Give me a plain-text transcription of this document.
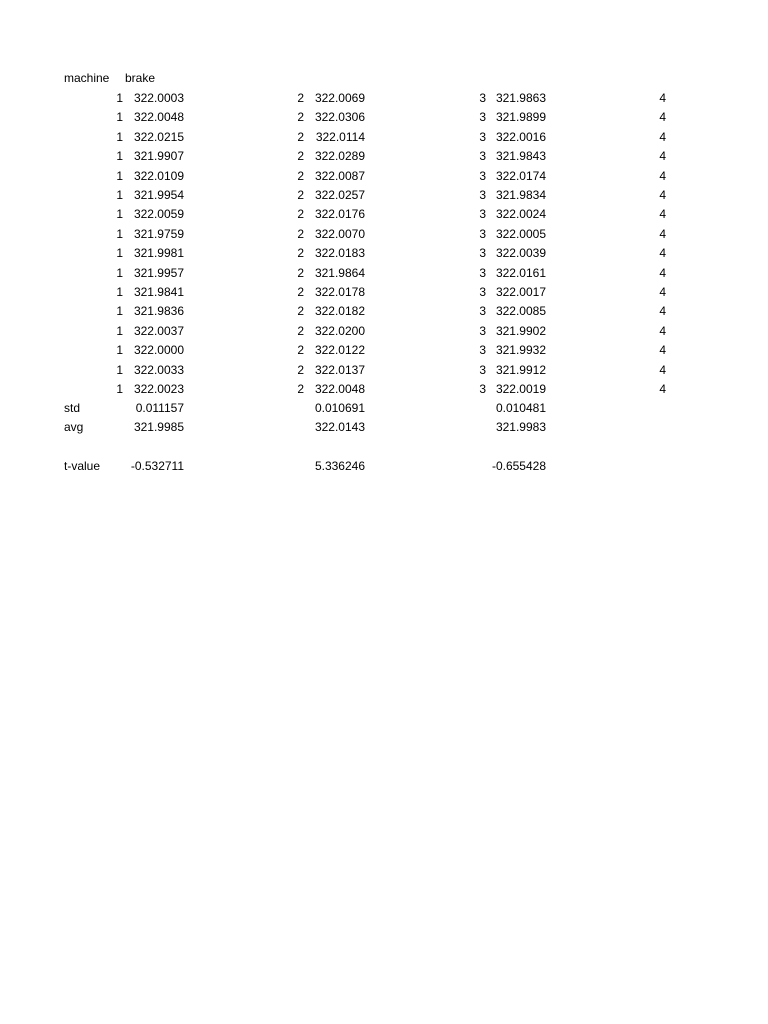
machine	brake
1 322.0003	2 322.0069	3 321.9863	4
1 322.0048	2 322.0306	3 321.9899	4
1 322.0215	2 322.0114	3 322.0016	4
1 321.9907	2 322.0289	3 321.9843	4
1 322.0109	2 322.0087	3 322.0174	4
1 321.9954	2 322.0257	3 321.9834	4
1 322.0059	2 322.0176	3 322.0024	4
1 321.9759	2 322.0070	3 322.0005	4
1 321.9981	2 322.0183	3 322.0039	4
1 321.9957	2 321.9864	3 322.0161	4
1 321.9841	2 322.0178	3 322.0017	4
1 321.9836	2 322.0182	3 322.0085	4
1 322.0037	2 322.0200	3 321.9902	4
1 322.0000	2 322.0122	3 321.9932	4
1 322.0033	2 322.0137	3 321.9912	4
1 322.0023	2 322.0048	3 322.0019	4
std	0.011157	0.010691	0.010481
avg	321.9985	322.0143	321.9983
t-value	-0.532711	5.336246	-0.655428
